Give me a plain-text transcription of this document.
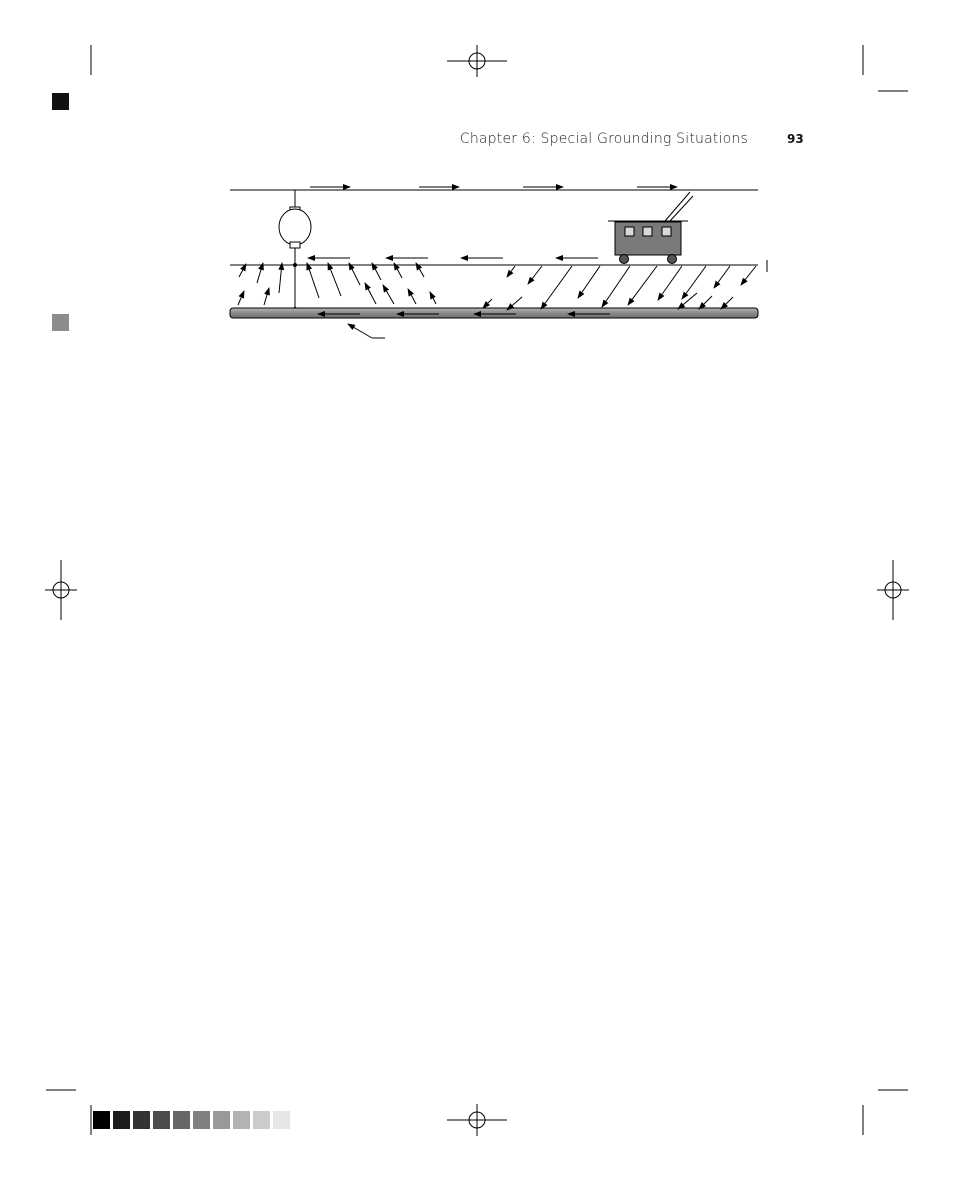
Chapter 6: Special Grounding Situations	93
